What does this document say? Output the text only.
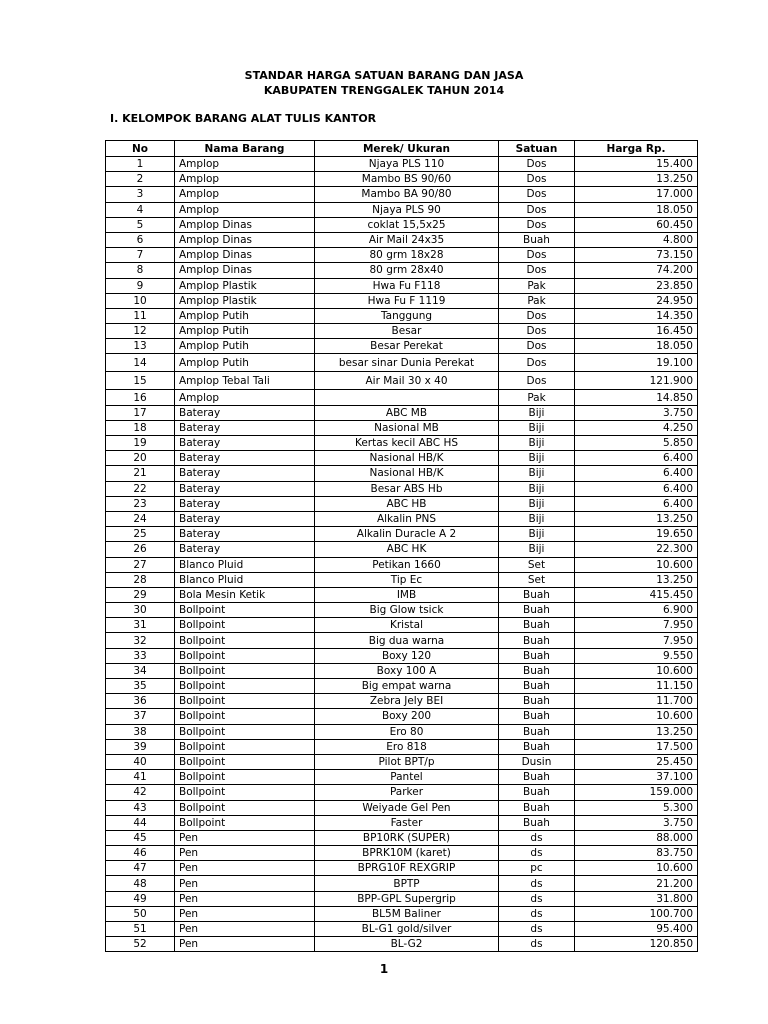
STANDAR HARGA SATUAN BARANG DAN JASA
KABUPATEN TRENGGALEK TAHUN 2014
I. KELOMPOK BARANG ALAT TULIS KANTOR
No	Nama Barang	Merek/ Ukuran	Satuan	Harga Rp.
1	Amplop	Njaya PLS 110	Dos	15.400
2	Amplop	Mambo BS 90/60	Dos	13.250
3	Amplop	Mambo BA 90/80	Dos	17.000
4	Amplop	Njaya PLS 90	Dos	18.050
5	Amplop Dinas	coklat 15,5x25	Dos	60.450
6	Amplop Dinas	Air Mail 24x35	Buah	4.800
7	Amplop Dinas	80 grm 18x28	Dos	73.150
8	Amplop Dinas	80 grm 28x40	Dos	74.200
9	Amplop Plastik	Hwa Fu F118	Pak	23.850
10	Amplop Plastik	Hwa Fu F 1119	Pak	24.950
11	Amplop Putih	Tanggung	Dos	14.350
12	Amplop Putih	Besar	Dos	16.450
13	Amplop Putih	Besar Perekat	Dos	18.050
14	Amplop Putih	besar sinar Dunia Perekat	Dos	19.100
15	Amplop Tebal Tali	Air Mail 30 x 40	Dos	121.900
16	Amplop		Pak	14.850
17	Bateray	ABC MB	Biji	3.750
18	Bateray	Nasional MB	Biji	4.250
19	Bateray	Kertas kecil ABC HS	Biji	5.850
20	Bateray	Nasional HB/K	Biji	6.400
21	Bateray	Nasional HB/K	Biji	6.400
22	Bateray	Besar ABS Hb	Biji	6.400
23	Bateray	ABC HB	Biji	6.400
24	Bateray	Alkalin PNS	Biji	13.250
25	Bateray	Alkalin Duracle A 2	Biji	19.650
26	Bateray	ABC HK	Biji	22.300
27	Blanco Pluid	Petikan 1660	Set	10.600
28	Blanco Pluid	Tip Ec	Set	13.250
29	Bola Mesin Ketik	IMB	Buah	415.450
30	Bollpoint	Big Glow tsick	Buah	6.900
31	Bollpoint	Kristal	Buah	7.950
32	Bollpoint	Big dua warna	Buah	7.950
33	Bollpoint	Boxy 120	Buah	9.550
34	Bollpoint	Boxy 100 A	Buah	10.600
35	Bollpoint	Big empat warna	Buah	11.150
36	Bollpoint	Zebra Jely BEI	Buah	11.700
37	Bollpoint	Boxy 200	Buah	10.600
38	Bollpoint	Ero 80	Buah	13.250
39	Bollpoint	Ero 818	Buah	17.500
40	Bollpoint	Pilot BPT/p	Dusin	25.450
41	Bollpoint	Pantel	Buah	37.100
42	Bollpoint	Parker	Buah	159.000
43	Bollpoint	Weiyade Gel Pen	Buah	5.300
44	Bollpoint	Faster	Buah	3.750
45	Pen	BP10RK (SUPER)	ds	88.000
46	Pen	BPRK10M (karet)	ds	83.750
47	Pen	BPRG10F REXGRIP	pc	10.600
48	Pen	BPTP	ds	21.200
49	Pen	BPP-GPL Supergrip	ds	31.800
50	Pen	BL5M Baliner	ds	100.700
51	Pen	BL-G1 gold/silver	ds	95.400
52	Pen	BL-G2	ds	120.850
1
